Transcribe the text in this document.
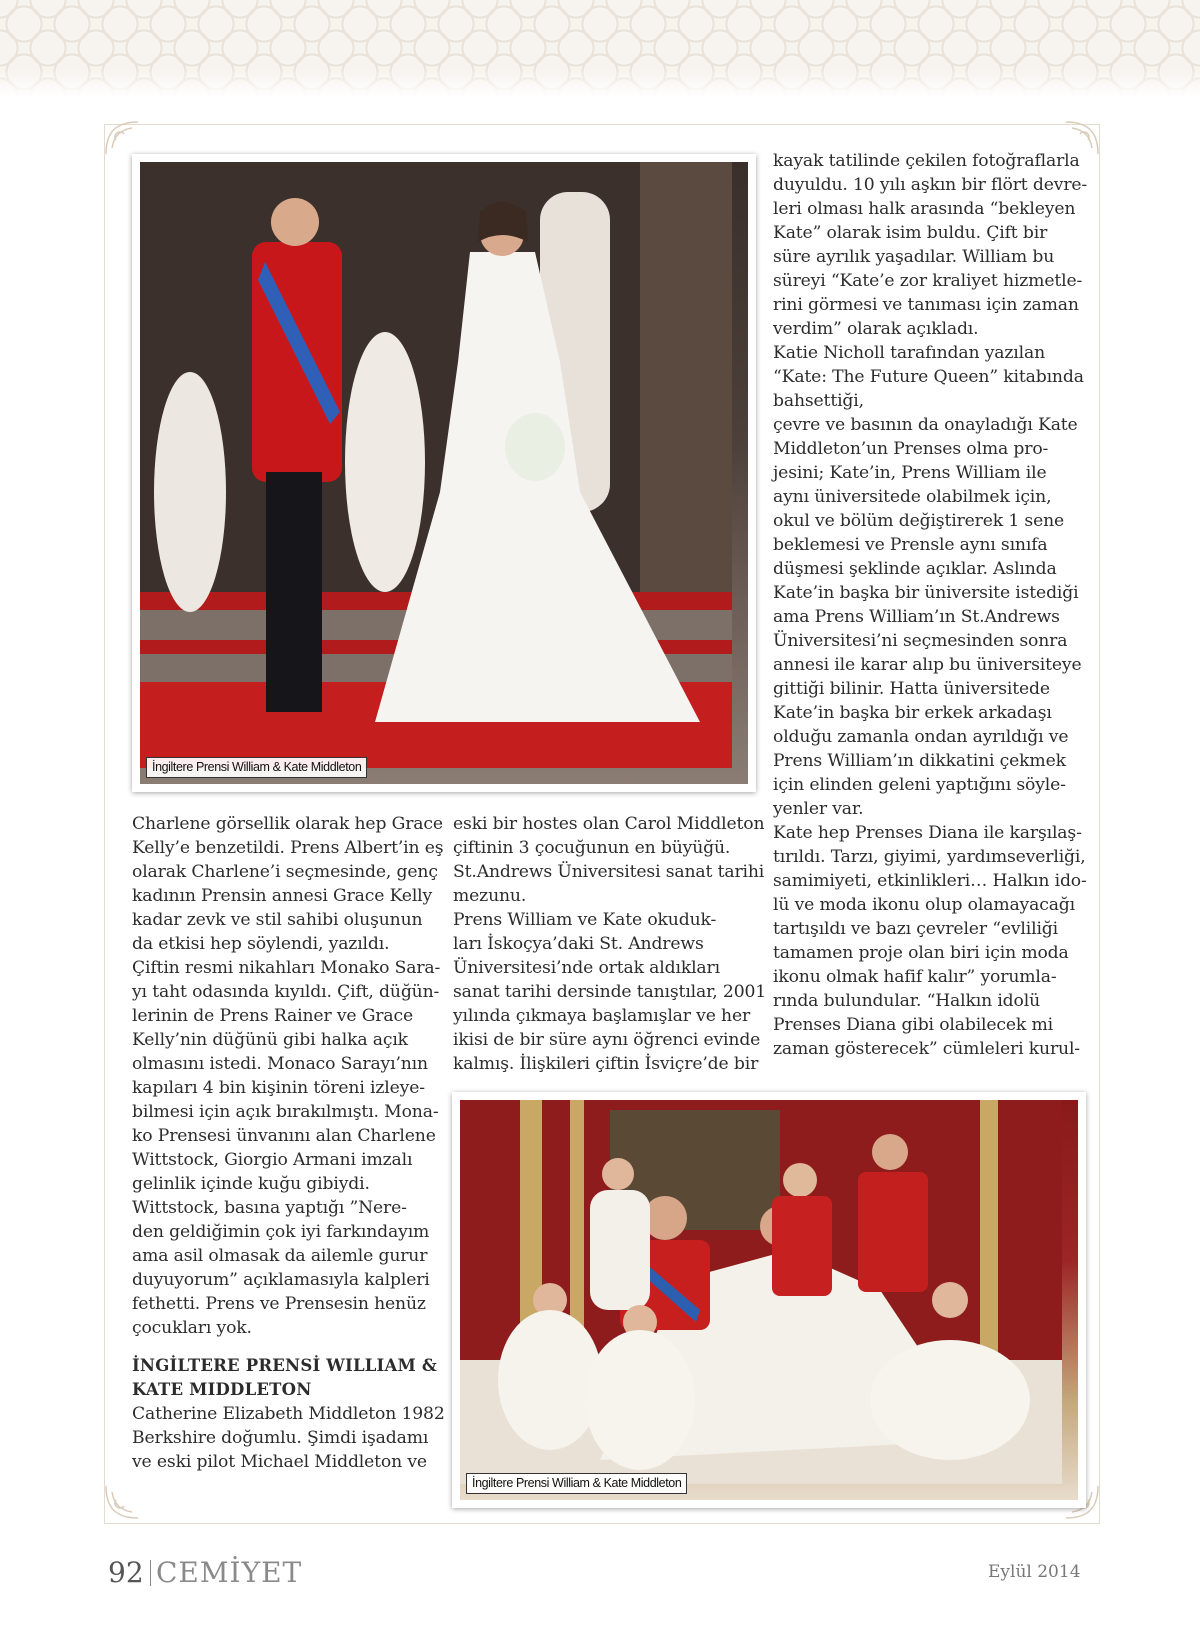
İngiltere Prensi William & Kate Middleton
İngiltere Prensi William & Kate Middleton

Charlene görsellik olarak hep Grace

Kelly’e benzetildi. Prens Albert’in eş

olarak Charlene’i seçmesinde, genç

kadının Prensin annesi Grace Kelly

kadar zevk ve stil sahibi oluşunun

da etkisi hep söylendi, yazıldı.

Çiftin resmi nikahları Monako Sara-

yı taht odasında kıyıldı. Çift, düğün-

lerinin de Prens Rainer ve Grace

Kelly’nin düğünü gibi halka açık

olmasını istedi. Monaco Sarayı’nın

kapıları 4 bin kişinin töreni izleye-

bilmesi için açık bırakılmıştı. Mona-

ko Prensesi ünvanını alan Charlene

Wittstock, Giorgio Armani imzalı

gelinlik içinde kuğu gibiydi.

Wittstock, basına yaptığı ”Nere-

den geldiğimin çok iyi farkındayım

ama asil olmasak da ailemle gurur

duyuyorum” açıklamasıyla kalpleri

fethetti. Prens ve Prensesin henüz

çocukları yok.

İNGİLTERE PRENSİ WILLIAM &

KATE MIDDLETON

Catherine Elizabeth Middleton 1982

Berkshire doğumlu. Şimdi işadamı

ve eski pilot Michael Middleton ve

eski bir hostes olan Carol Middleton

çiftinin 3 çocuğunun en büyüğü.

St.Andrews Üniversitesi sanat tarihi

mezunu.

Prens William ve Kate okuduk-

ları İskoçya’daki St. Andrews

Üniversitesi’nde ortak aldıkları

sanat tarihi dersinde tanıştılar, 2001

yılında çıkmaya başlamışlar ve her

ikisi de bir süre aynı öğrenci evinde

kalmış. İlişkileri çiftin İsviçre’de bir

kayak tatilinde çekilen fotoğraflarla

duyuldu. 10 yılı aşkın bir flört devre-

leri olması halk arasında “bekleyen

Kate” olarak isim buldu. Çift bir

süre ayrılık yaşadılar. William bu

süreyi “Kate’e zor kraliyet hizmetle-

rini görmesi ve tanıması için zaman

verdim” olarak açıkladı.

Katie Nicholl tarafından yazılan

“Kate: The Future Queen” kitabında

bahsettiği,

çevre ve basının da onayladığı Kate

Middleton’un Prenses olma pro-

jesini; Kate’in, Prens William ile

aynı üniversitede olabilmek için,

okul ve bölüm değiştirerek 1 sene

beklemesi ve Prensle aynı sınıfa

düşmesi şeklinde açıklar. Aslında

Kate’in başka bir üniversite istediği

ama Prens William’ın St.Andrews

Üniversitesi’ni seçmesinden sonra

annesi ile karar alıp bu üniversiteye

gittiği bilinir. Hatta üniversitede

Kate’in başka bir erkek arkadaşı

olduğu zamanla ondan ayrıldığı ve

Prens William’ın dikkatini çekmek

için elinden geleni yaptığını söyle-

yenler var.

Kate hep Prenses Diana ile karşılaş-

tırıldı. Tarzı, giyimi, yardımseverliği,

samimiyeti, etkinlikleri… Halkın ido-

lü ve moda ikonu olup olamayacağı

tartışıldı ve bazı çevreler “evliliği

tamamen proje olan biri için moda

ikonu olmak hafif kalır” yorumla-

rında bulundular. “Halkın idolü

Prenses Diana gibi olabilecek mi

zaman gösterecek” cümleleri kurul-

92 CEMİYET	Eylül 2014
